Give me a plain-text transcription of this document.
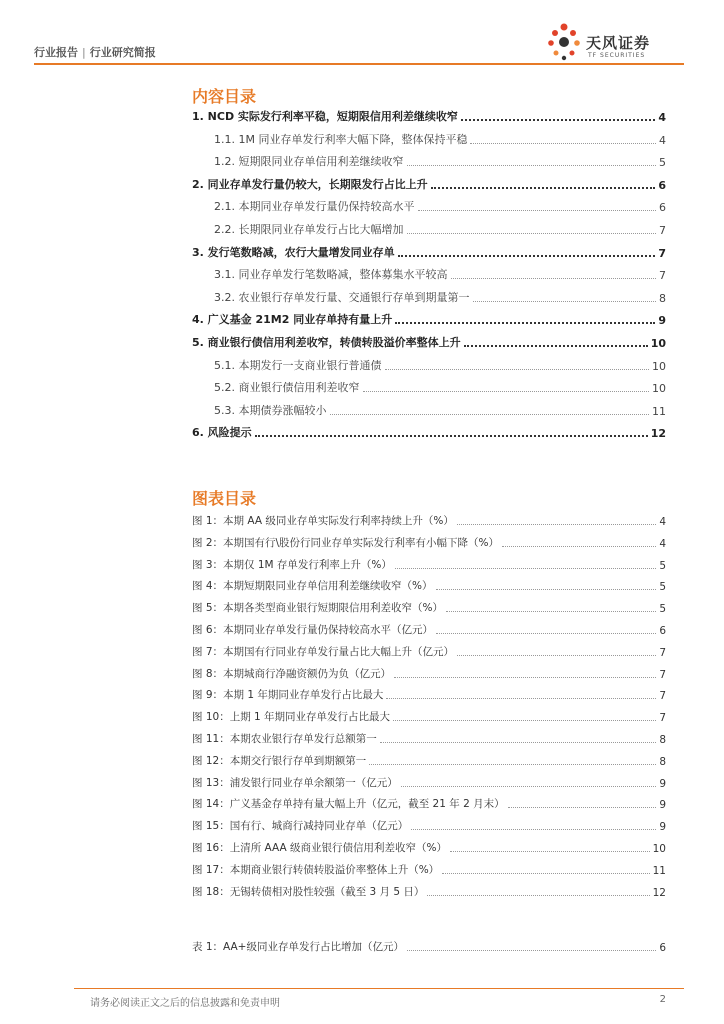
行业报告 | 行业研究简报
天风证券
TF SECURITIES
内容目录
1. NCD 实际发行利率平稳，短期限信用利差继续收窄	4
1.1. 1M 同业存单发行利率大幅下降，整体保持平稳	4
1.2. 短期限同业存单信用利差继续收窄	5
2. 同业存单发行量仍较大，长期限发行占比上升	6
2.1. 本期同业存单发行量仍保持较高水平	6
2.2. 长期限同业存单发行占比大幅增加	7
3. 发行笔数略减，农行大量增发同业存单	7
3.1. 同业存单发行笔数略减，整体募集水平较高	7
3.2. 农业银行存单发行量、交通银行存单到期量第一	8
4. 广义基金 21M2 同业存单持有量上升	9
5. 商业银行债信用利差收窄，转债转股溢价率整体上升	10
5.1. 本期发行一支商业银行普通债	10
5.2. 商业银行债信用利差收窄	10
5.3. 本期债券涨幅较小	11
6. 风险提示	12
图表目录
图 1：本期 AA 级同业存单实际发行利率持续上升（%）	4
图 2：本期国有行\股份行同业存单实际发行利率有小幅下降（%）	4
图 3：本期仅 1M 存单发行利率上升（%）	5
图 4：本期短期限同业存单信用利差继续收窄（%）	5
图 5：本期各类型商业银行短期限信用利差收窄（%）	5
图 6：本期同业存单发行量仍保持较高水平（亿元）	6
图 7：本期国有行同业存单发行量占比大幅上升（亿元）	7
图 8：本期城商行净融资额仍为负（亿元）	7
图 9：本期 1 年期同业存单发行占比最大	7
图 10：上期 1 年期同业存单发行占比最大	7
图 11：本期农业银行存单发行总额第一	8
图 12：本期交行银行存单到期额第一	8
图 13：浦发银行同业存单余额第一（亿元）	9
图 14：广义基金存单持有量大幅上升（亿元，截至 21 年 2 月末）	9
图 15：国有行、城商行减持同业存单（亿元）	9
图 16：上清所 AAA 级商业银行债信用利差收窄（%）	10
图 17：本期商业银行转债转股溢价率整体上升（%）	11
图 18：无锡转债相对股性较强（截至 3 月 5 日）	12
表 1：AA+级同业存单发行占比增加（亿元）	6
请务必阅读正文之后的信息披露和免责申明	2
